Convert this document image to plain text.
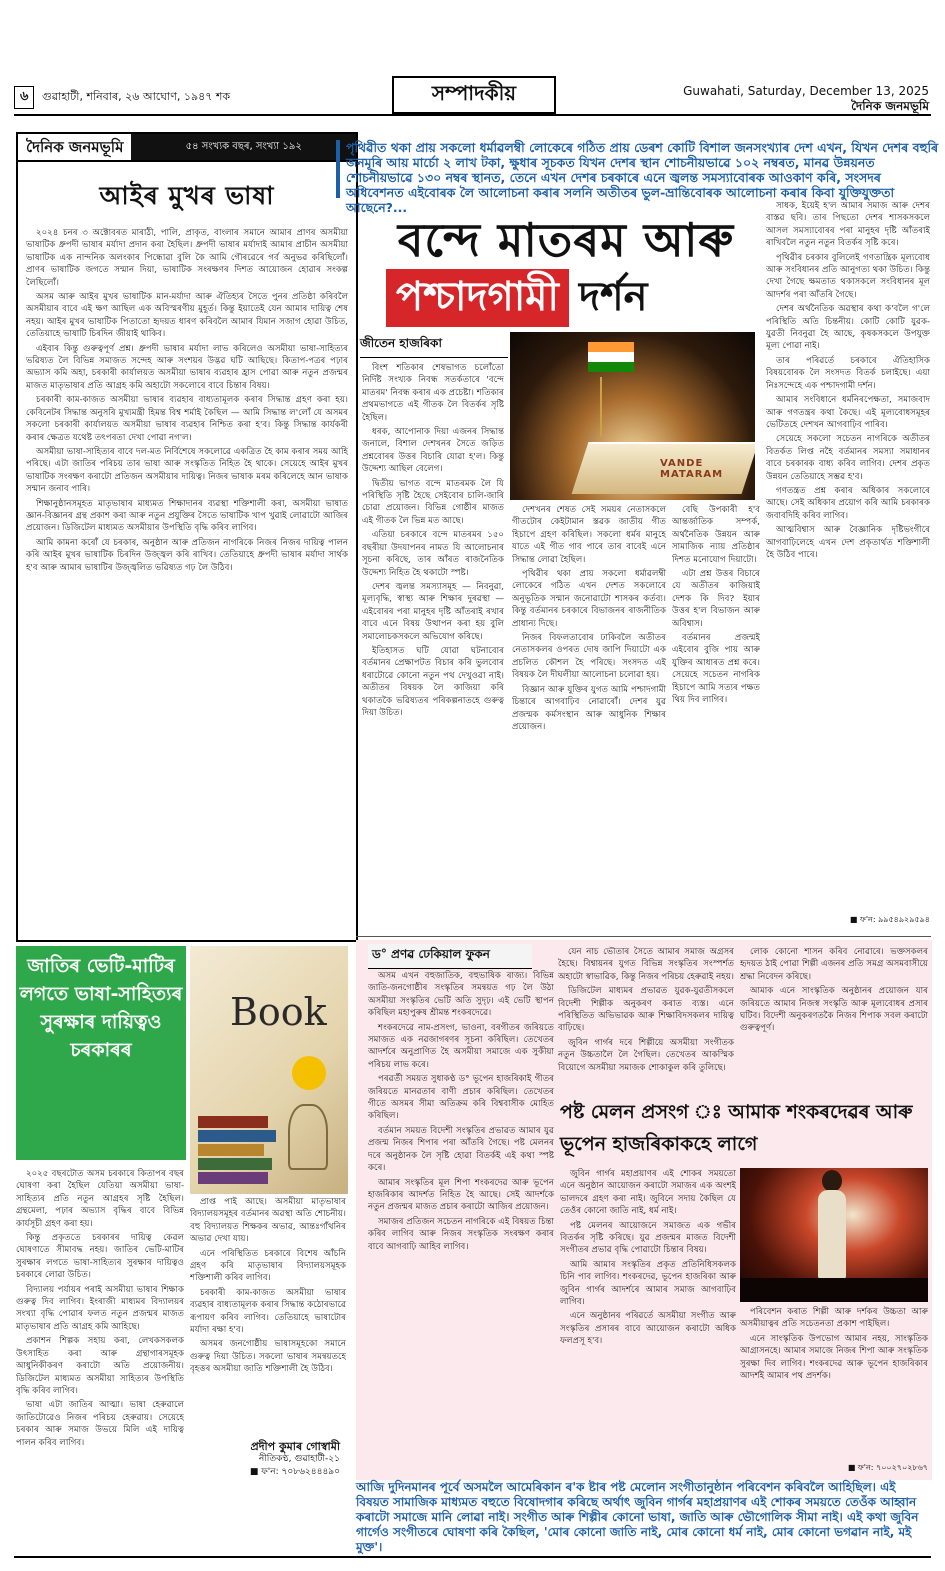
৬ গুৱাহাটী, শনিবাৰ, ২৬ আঘোণ, ১৯৪৭ শক	সম্পাদকীয়	Guwahati, Saturday, December 13, 2025
দৈনিক জনমভূমি
দৈনিক জনমভূমি	৫৪ সংখ্যক বছৰ, সংখ্যা ১৯২
আইৰ মুখৰ ভাষা

২০২৪ চনৰ ৩ অক্টোবৰত মাৰাঠী, পালি, প্ৰাকৃত, বাংলাৰ সমানে আমাৰ প্ৰাণৰ অসমীয়া ভাষাটিক ধ্ৰুপদী ভাষাৰ মৰ্যাদা প্ৰদান কৰা হৈছিল। ধ্ৰুপদী ভাষাৰ মৰ্যাদাই আমাৰ প্ৰাচীন অসমীয়া ভাষাটিক এক নান্দনিক অলংকাৰ পিন্ধোৱা বুলি কৈ আমি গৌৰৱেৰে গৰ্ব অনুভৱ কৰিছিলোঁ। প্ৰাণৰ ভাষাটিক জগতে সন্মান দিয়া, ভাষাটিক সংৰক্ষণৰ দিশত আয়োজন হোৱাৰ সংকল্প লৈছিলোঁ।

অসম আৰু আইৰ মুখৰ ভাষাটিক মান-মৰ্যাদা আৰু ঐতিহ্যৰ সৈতে পুনৰ প্ৰতিষ্ঠা কৰিবলৈ অসমীয়াৰ বাবে এই ক্ষণ আছিল এক অবিস্মৰণীয় মুহূৰ্ত। কিন্তু ইয়াতেই যেন আমাৰ দায়িত্ব শেষ নহয়। আইৰ মুখৰ ভাষাটিক পিতাতো হৃদয়ত ধাৰণ কৰিবলৈ আমাৰ যিমান সজাগ হোৱা উচিত, তেতিয়াহে ভাষাটি চিৰদিন জীয়াই থাকিব।

এইবাৰ কিন্তু গুৰুত্বপূৰ্ণ প্ৰশ্ন। ধ্ৰুপদী ভাষাৰ মৰ্যাদা লাভ কৰিলেও অসমীয়া ভাষা-সাহিত্যৰ ভৱিষ্যত লৈ বিভিন্ন সমাজত সন্দেহ আৰু সংশয়ৰ উদ্ভৱ ঘটি আছিছে। কিতাপ-পত্ৰৰ পঢ়াৰ অভ্যাস কমি অহা, চৰকাৰী কাৰ্যালয়ত অসমীয়া ভাষাৰ ব্যৱহাৰ হ্ৰাস পোৱা আৰু নতুন প্ৰজন্মৰ মাজত মাতৃভাষাৰ প্ৰতি আগ্ৰহ কমি অহাটো সকলোৰে বাবে চিন্তাৰ বিষয়।

চৰকাৰী কাম-কাজত অসমীয়া ভাষাৰ ব্যৱহাৰ বাধ্যতামূলক কৰাৰ সিদ্ধান্ত গ্ৰহণ কৰা হয়। কেবিনেটৰ সিদ্ধান্ত অনুসৰি মুখ্যমন্ত্ৰী হিমন্ত বিশ্ব শৰ্মাই কৈছিল — আমি সিদ্ধান্ত ল'লোঁ যে অসমৰ সকলো চৰকাৰী কাৰ্যালয়ত অসমীয়া ভাষাৰ ব্যৱহাৰ নিশ্চিত কৰা হ'ব। কিন্তু সিদ্ধান্ত কাৰ্যকৰী কৰাৰ ক্ষেত্ৰত যথেষ্ট তৎপৰতা দেখা পোৱা নগ'ল।

অসমীয়া ভাষা-সাহিত্যৰ বাবে দল-মত নিৰ্বিশেষে সকলোৱে একত্ৰিত হৈ কাম কৰাৰ সময় আহি পৰিছে। এটা জাতিৰ পৰিচয় তাৰ ভাষা আৰু সংস্কৃতিত নিহিত হৈ থাকে। সেয়েহে আইৰ মুখৰ ভাষাটিক সংৰক্ষণ কৰাটো প্ৰতিজন অসমীয়াৰ দায়িত্ব। নিজৰ ভাষাক মৰম কৰিলেহে আন ভাষাক সন্মান জনাব পাৰি।

শিক্ষানুষ্ঠানসমূহত মাতৃভাষাৰ মাধ্যমত শিক্ষাদানৰ ব্যৱস্থা শক্তিশালী কৰা, অসমীয়া ভাষাত জ্ঞান-বিজ্ঞানৰ গ্ৰন্থ প্ৰকাশ কৰা আৰু নতুন প্ৰযুক্তিৰ সৈতে ভাষাটিক খাপ খুৱাই লোৱাটো আজিৰ প্ৰয়োজন। ডিজিটেল মাধ্যমত অসমীয়াৰ উপস্থিতি বৃদ্ধি কৰিব লাগিব।

আমি কামনা কৰোঁ যে চৰকাৰ, অনুষ্ঠান আৰু প্ৰতিজন নাগৰিকে নিজৰ নিজৰ দায়িত্ব পালন কৰি আইৰ মুখৰ ভাষাটিক চিৰদিন উজ্জ্বল কৰি ৰাখিব। তেতিয়াহে ধ্ৰুপদী ভাষাৰ মৰ্যাদা সাৰ্থক হ'ব আৰু আমাৰ ভাষাটিৰ উজ্জ্বলিত ভৱিষ্যত গঢ় লৈ উঠিব।

পৃথিৱীত থকা প্ৰায় সকলো ধৰ্মাৱলম্বী লোকেৰে গঠিত প্ৰায় ডেৰশ কোটি বিশাল জনসংখ্যাৰ দেশ এখন, যিখন দেশৰ বহুৰি জনমূৰি আয় মাৰ্চো ২ লাখ টকা, ক্ষুধাৰ সূচকত যিখন দেশৰ স্থান শোচনীয়ভাৱে ১০২ নম্বৰত, মানৱ উন্নয়নত শোচনীয়ভাৱে ১৩০ নম্বৰ স্থানত, তেনে এখন দেশৰ চৰকাৰে এনে জ্বলন্ত সমস্যাবোৰক আওকাণ কৰি, সংসদৰ অধিবেশনত এইবোৰক লৈ আলোচনা কৰাৰ সলনি অতীতৰ ভুল-ভ্ৰান্তিবোৰক আলোচনা কৰাৰ কিবা যুক্তিযুক্ততা আছেনে?...
বন্দে মাতৰম আৰু
পশ্চাদগামী দৰ্শন
জীতেন হাজৰিকা
VANDE MATARAM

বিংশ শতিকাৰ শেষভাগত চলোঁতো নিৰ্দিষ্ট সংখ্যক নিবন্ধ সতৰ্কতাৰে 'বন্দে মাতৰম' নিবন্ধ কৰাৰ এক প্ৰচেষ্টা। শতিকাৰ প্ৰথমভাগতে এই গীতক লৈ বিতৰ্কৰ সৃষ্টি হৈছিল।

ধৰক, আপোনাক দিয়া এজনৰ সিদ্ধান্ত জনালে, বিশাল দেশখনৰ সৈতে জড়িত প্ৰশ্নবোৰৰ উত্তৰ বিচাৰি যোৱা হ'ল। কিন্তু উদ্দেশ্য আছিল বেলেগ।

দ্বিতীয় ভাগত বন্দে মাতৰমক লৈ যি পৰিস্থিতি সৃষ্টি হৈছে সেইবোৰ চালি-জাৰি চোৱা প্ৰয়োজন। বিভিন্ন গোষ্ঠীৰ মাজত এই গীতক লৈ ভিন্ন মত আছে।

এতিয়া চৰকাৰে বন্দে মাতৰমৰ ১৫০ বছৰীয়া উদযাপনৰ নামত যি আলোচনাৰ সূচনা কৰিছে, তাৰ আঁৰত ৰাজনৈতিক উদ্দেশ্য নিহিত হৈ থকাটো স্পষ্ট।

দেশৰ জ্বলন্ত সমস্যাসমূহ — নিবনুৱা, মূল্যবৃদ্ধি, স্বাস্থ্য আৰু শিক্ষাৰ দুৰৱস্থা — এইবোৰৰ পৰা মানুহৰ দৃষ্টি আঁতৰাই ৰখাৰ বাবে এনে বিষয় উত্থাপন কৰা হয় বুলি সমালোচকসকলে অভিযোগ কৰিছে।

ইতিহাসত ঘটি যোৱা ঘটনাবোৰ বৰ্তমানৰ প্ৰেক্ষাপটত বিচাৰ কৰি ভুলবোৰ ধৰাটোৱে কোনো নতুন পথ দেখুওৱা নাই। অতীতৰ বিষয়ক লৈ কাজিয়া কৰি থকাতকৈ ভৱিষ্যতৰ পৰিকল্পনাতহে গুৰুত্ব দিয়া উচিত।

দেশখনৰ শেষত সেই সময়ৰ নেতাসকলে গীতটোৰ কেইটামান স্তৱক জাতীয় গীত হিচাপে গ্ৰহণ কৰিছিল। সকলো ধৰ্মৰ মানুহে যাতে এই গীত গাব পাৰে তাৰ বাবেই এনে সিদ্ধান্ত লোৱা হৈছিল।

পৃথিৱীৰ থকা প্ৰায় সকলো ধৰ্মাৱলম্বী লোকেৰে গঠিত এখন দেশত সকলোৰে অনুভূতিক সন্মান জনোৱাটো শাসকৰ কৰ্তব্য। কিন্তু বৰ্তমানৰ চৰকাৰে বিভাজনৰ ৰাজনীতিক প্ৰাধান্য দিছে।

নিজৰ বিফলতাবোৰ ঢাকিবলৈ অতীতৰ নেতাসকলৰ ওপৰত দোষ জাপি দিয়াটো এক প্ৰচলিত কৌশল হৈ পৰিছে। সংসদত এই বিষয়ক লৈ দীঘলীয়া আলোচনা চলোৱা হয়।

বিজ্ঞান আৰু যুক্তিৰ যুগত আমি পশ্চাদগামী চিন্তাৰে আগবাঢ়িব নোৱাৰোঁ। দেশৰ যুৱ প্ৰজন্মক কৰ্মসংস্থান আৰু আধুনিক শিক্ষাৰ প্ৰয়োজন।

বেছি উপকাৰী হ'ব আন্তৰ্জাতিক সম্পৰ্ক, অৰ্থনৈতিক উন্নয়ন আৰু সামাজিক ন্যায় প্ৰতিষ্ঠাৰ দিশত মনোযোগ দিয়াটো।

এটা প্ৰশ্ন উত্তৰ বিচাৰে যে অতীতৰ কাজিয়াই দেশক কি দিব? ইয়াৰ উত্তৰ হ'ল বিভাজন আৰু অবিশ্বাস।

বৰ্তমানৰ প্ৰজন্মই এইবোৰ বুজি পায় আৰু যুক্তিৰ আধাৰত প্ৰশ্ন কৰে। সেয়েহে সচেতন নাগৰিক হিচাপে আমি সত্যৰ পক্ষত থিয় দিব লাগিব।

সাধক, ইয়েই হ'ল আমাৰ সমাজ আৰু দেশৰ বাস্তৱ ছবি। তাৰ পিছতো দেশৰ শাসকসকলে আসল সমস্যাবোৰৰ পৰা মানুহৰ দৃষ্টি আঁতৰাই ৰাখিবলৈ নতুন নতুন বিতৰ্কৰ সৃষ্টি কৰে।

পৃথিৱীৰ চৰকাৰ বুলিলেই গণতান্ত্ৰিক মূল্যবোধ আৰু সংবিধানৰ প্ৰতি আনুগত্য থকা উচিত। কিন্তু দেখা গৈছে ক্ষমতাত থকাসকলে সংবিধানৰ মূল আদৰ্শৰ পৰা আঁতৰি গৈছে।

দেশৰ অৰ্থনৈতিক অৱস্থাৰ কথা ক'বলৈ গ'লে পৰিস্থিতি অতি চিন্তনীয়। কোটি কোটি যুৱক-যুৱতী নিবনুৱা হৈ আছে, কৃষকসকলে উপযুক্ত মূল্য পোৱা নাই।

তাৰ পৰিৱৰ্তে চৰকাৰে ঐতিহাসিক বিষয়বোৰক লৈ সংসদত বিতৰ্ক চলাইছে। এয়া নিঃসন্দেহে এক পশ্চাদগামী দৰ্শন।

আমাৰ সংবিধানে ধৰ্মনিৰপেক্ষতা, সমাজবাদ আৰু গণতন্ত্ৰৰ কথা কৈছে। এই মূল্যবোধসমূহৰ ভেটিতহে দেশখন আগবাঢ়িব পাৰিব।

সেয়েহে সকলো সচেতন নাগৰিকে অতীতৰ বিতৰ্কত লিপ্ত নহৈ বৰ্তমানৰ সমস্যা সমাধানৰ বাবে চৰকাৰক বাধ্য কৰিব লাগিব। দেশৰ প্ৰকৃত উন্নয়ন তেতিয়াহে সম্ভৱ হ'ব।

গণতন্ত্ৰত প্ৰশ্ন কৰাৰ অধিকাৰ সকলোৰে আছে। সেই অধিকাৰ প্ৰয়োগ কৰি আমি চৰকাৰক জবাবদিহি কৰিব লাগিব।

আত্মবিশ্বাস আৰু বৈজ্ঞানিক দৃষ্টিভংগীৰে আগবাঢ়িলেহে এখন দেশ প্ৰকৃতাৰ্থত শক্তিশালী হৈ উঠিব পাৰে।

■ ফ'ন: ৯৯৫৪৯২৯৫৯৪
জাতিৰ ভেটি-মাটিৰ লগতে ভাষা-সাহিত্যৰ সুৰক্ষাৰ দায়িত্বও চৰকাৰৰ
Book

২০২৫ বছৰটোত অসম চৰকাৰে কিতাপৰ বছৰ ঘোষণা কৰা হৈছিল যেতিয়া অসমীয়া ভাষা-সাহিত্যৰ প্ৰতি নতুন আগ্ৰহৰ সৃষ্টি হৈছিল। গ্ৰন্থমেলা, পঢ়াৰ অভ্যাস বৃদ্ধিৰ বাবে বিভিন্ন কাৰ্যসূচী গ্ৰহণ কৰা হয়।

কিন্তু প্ৰকৃততে চৰকাৰৰ দায়িত্ব কেৱল ঘোষণাতে সীমাবদ্ধ নহয়। জাতিৰ ভেটি-মাটিৰ সুৰক্ষাৰ লগতে ভাষা-সাহিত্যৰ সুৰক্ষাৰ দায়িত্বও চৰকাৰে লোৱা উচিত।

বিদ্যালয় পৰ্যায়ৰ পৰাই অসমীয়া ভাষাৰ শিক্ষাক গুৰুত্ব দিব লাগিব। ইংৰাজী মাধ্যমৰ বিদ্যালয়ৰ সংখ্যা বৃদ্ধি পোৱাৰ ফলত নতুন প্ৰজন্মৰ মাজত মাতৃভাষাৰ প্ৰতি আগ্ৰহ কমি আহিছে।

প্ৰকাশন শিল্পক সহায় কৰা, লেখকসকলক উৎসাহিত কৰা আৰু গ্ৰন্থাগাৰসমূহক আধুনিকীকৰণ কৰাটো অতি প্ৰয়োজনীয়। ডিজিটেল মাধ্যমত অসমীয়া সাহিত্যৰ উপস্থিতি বৃদ্ধি কৰিব লাগিব।

ভাষা এটা জাতিৰ আত্মা। ভাষা হেৰুৱালে জাতিটোৱেও নিজৰ পৰিচয় হেৰুৱায়। সেয়েহে চৰকাৰ আৰু সমাজ উভয়ে মিলি এই দায়িত্ব পালন কৰিব লাগিব।

প্ৰাপ্ত পাই আছে। অসমীয়া মাতৃভাষাৰ বিদ্যালয়সমূহৰ বৰ্তমানৰ অৱস্থা অতি শোচনীয়। বহু বিদ্যালয়ত শিক্ষকৰ অভাৱ, আন্তঃগাঁথনিৰ অভাৱ দেখা যায়।

এনে পৰিস্থিতিত চৰকাৰে বিশেষ আঁচনি গ্ৰহণ কৰি মাতৃভাষাৰ বিদ্যালয়সমূহক শক্তিশালী কৰিব লাগিব।

চৰকাৰী কাম-কাজত অসমীয়া ভাষাৰ ব্যৱহাৰ বাধ্যতামূলক কৰাৰ সিদ্ধান্ত কঠোৰভাৱে ৰূপায়ণ কৰিব লাগিব। তেতিয়াহে ভাষাটোৰ মৰ্যাদা ৰক্ষা হ'ব।

অসমৰ জনগোষ্ঠীয় ভাষাসমূহকো সমানে গুৰুত্ব দিয়া উচিত। সকলো ভাষাৰ সমন্বয়তহে বৃহত্তৰ অসমীয়া জাতি শক্তিশালী হৈ উঠিব।

প্ৰদীপ কুমাৰ গোস্বামী
নীতিকণ্ঠ, গুৱাহাটী-২১
■ ফ'ন: ৭০৮৬২৪৪৪৯০
ড° প্ৰণৱ ঢেকিয়াল ফুকন

অসম এখন বহুজাতিক, বহুভাষিক ৰাজ্য। বিভিন্ন জাতি-জনগোষ্ঠীৰ সংস্কৃতিৰ সমন্বয়ত গঢ় লৈ উঠা অসমীয়া সংস্কৃতিৰ ভেটি অতি সুদৃঢ়। এই ভেটি স্থাপন কৰিছিল মহাপুৰুষ শ্ৰীমন্ত শংকৰদেৱে।

শংকৰদেৱে নাম-প্ৰসংগ, ভাওনা, বৰগীতৰ জৰিয়তে সমাজত এক নৱজাগৰণৰ সূচনা কৰিছিল। তেখেতৰ আদৰ্শৰে অনুপ্ৰাণিত হৈ অসমীয়া সমাজে এক সুকীয়া পৰিচয় লাভ কৰে।

পৰৱৰ্তী সময়ত সুধাকণ্ঠ ড° ভূপেন হাজৰিকাই গীতৰ জৰিয়তে মানৱতাৰ বাণী প্ৰচাৰ কৰিছিল। তেখেতৰ গীতে অসমৰ সীমা অতিক্ৰম কৰি বিশ্ববাসীক মোহিত কৰিছিল।

বৰ্তমান সময়ত বিদেশী সংস্কৃতিৰ প্ৰভাৱত আমাৰ যুৱ প্ৰজন্ম নিজৰ শিপাৰ পৰা আঁতৰি গৈছে। পষ্ট মেলনৰ দৰে অনুষ্ঠানক লৈ সৃষ্টি হোৱা বিতৰ্কই এই কথা স্পষ্ট কৰে।

আমাৰ সংস্কৃতিৰ মূল শিপা শংকৰদেৱ আৰু ভূপেন হাজৰিকাৰ আদৰ্শত নিহিত হৈ আছে। সেই আদৰ্শকে নতুন প্ৰজন্মৰ মাজত প্ৰচাৰ কৰাটো আজিৰ প্ৰয়োজন।

সমাজৰ প্ৰতিজন সচেতন নাগৰিকে এই বিষয়ত চিন্তা কৰিব লাগিব আৰু নিজৰ সংস্কৃতিক সংৰক্ষণ কৰাৰ বাবে আগবাঢ়ি আহিব লাগিব।

যেন নাচ ভৌতাৰ সৈতে আমাৰ সমাজ অগ্ৰসৰ হৈছে। বিশ্বায়নৰ যুগত বিভিন্ন সংস্কৃতিৰ সংস্পৰ্শত অহাটো স্বাভাৱিক, কিন্তু নিজৰ পৰিচয় হেৰুৱাই নহয়।

ডিজিটেল মাধ্যমৰ প্ৰভাৱত যুৱক-যুৱতীসকলে বিদেশী শিল্পীক অনুকৰণ কৰাত ব্যস্ত। এনে পৰিস্থিতিত অভিভাৱক আৰু শিক্ষাবিদসকলৰ দায়িত্ব বাঢ়িছে।

জুবিন গাৰ্গৰ দৰে শিল্পীয়ে অসমীয়া সংগীতক নতুন উচ্চতালৈ লৈ গৈছিল। তেখেতৰ আকস্মিক বিয়োগে অসমীয়া সমাজক শোকাকুল কৰি তুলিছে।

লোক কোনো শাসন কৰিব নোৱাৰে। ভক্তসকলৰ হৃদয়ত ঠাই পোৱা শিল্পী এজনৰ প্ৰতি সমগ্ৰ অসমবাসীয়ে শ্ৰদ্ধা নিবেদন কৰিছে।

আমাক এনে সাংস্কৃতিক অনুষ্ঠানৰ প্ৰয়োজন যাৰ জৰিয়তে আমাৰ নিজস্ব সংস্কৃতি আৰু মূল্যবোধৰ প্ৰসাৰ ঘটিব। বিদেশী অনুকৰণতকৈ নিজৰ শিপাক সবল কৰাটো গুৰুত্বপূৰ্ণ।

পষ্ট মেলন প্ৰসংগ ঃ আমাক শংকৰদেৱৰ আৰু ভূপেন হাজৰিকাকহে লাগে

জুবিন গাৰ্গৰ মহাপ্ৰয়াণৰ এই শোকৰ সময়তো এনে অনুষ্ঠান আয়োজন কৰাটো সমাজৰ এক অংশই ভালদৰে গ্ৰহণ কৰা নাই। জুবিনে সদায় কৈছিল যে তেওঁৰ কোনো জাতি নাই, ধৰ্ম নাই।

পষ্ট মেলনৰ আয়োজনে সমাজত এক গভীৰ বিতৰ্কৰ সৃষ্টি কৰিছে। যুৱ প্ৰজন্মৰ মাজত বিদেশী সংগীতৰ প্ৰভাৱ বৃদ্ধি পোৱাটো চিন্তাৰ বিষয়।

আমি আমাৰ সংস্কৃতিৰ প্ৰকৃত প্ৰতিনিধিসকলক চিনি পাব লাগিব। শংকৰদেৱ, ভূপেন হাজৰিকা আৰু জুবিন গাৰ্গৰ আদৰ্শৰে আমাৰ সমাজ আগবাঢ়িব লাগিব।

এনে অনুষ্ঠানৰ পৰিৱৰ্তে অসমীয়া সংগীত আৰু সংস্কৃতিৰ প্ৰসাৰৰ বাবে আয়োজন কৰাটো অধিক ফলপ্ৰসূ হ'ব।

পৰিবেশন কৰাত শিল্পী আৰু দৰ্শকৰ উচ্চতা আৰু অসমীয়াত্বৰ প্ৰতি সচেতনতা প্ৰকাশ পাইছিল।

এনে সাংস্কৃতিক উপভোগ আমাৰ নহয়, সাংস্কৃতিক আগ্ৰাসনহে। আমাৰ সমাজে নিজৰ শিপা আৰু সংস্কৃতিক সুৰক্ষা দিব লাগিব। শংকৰদেৱ আৰু ভূপেন হাজৰিকাৰ আদৰ্শই আমাৰ পথ প্ৰদৰ্শক।

■ ফ'ন: ৭০০২৭০২৮৬৭
আজি দুদিনমানৰ পূৰ্বে অসমলৈ আমেৰিকান ৰ'ক ষ্টাৰ পষ্ট মেলোন সংগীতানুষ্ঠান পৰিবেশন কৰিবলৈ আহিছিল। এই বিষয়ত সামাজিক মাধ্যমত বহুতে বিষোদগাৰ কৰিছে অৰ্থাৎ জুবিন গাৰ্গৰ মহাপ্ৰয়াণৰ এই শোকৰ সময়তে তেওঁক আহ্বান কৰাটো সমাজে মানি লোৱা নাই। সংগীত আৰু শিল্পীৰ কোনো ভাষা, জাতি আৰু ভৌগোলিক সীমা নাই। এই কথা জুবিন গাৰ্গেও সংগীতৰে ঘোষণা কৰি কৈছিল, 'মোৰ কোনো জাতি নাই, মোৰ কোনো ধৰ্ম নাই, মোৰ কোনো ভগৱান নাই, মই মুক্ত'।
